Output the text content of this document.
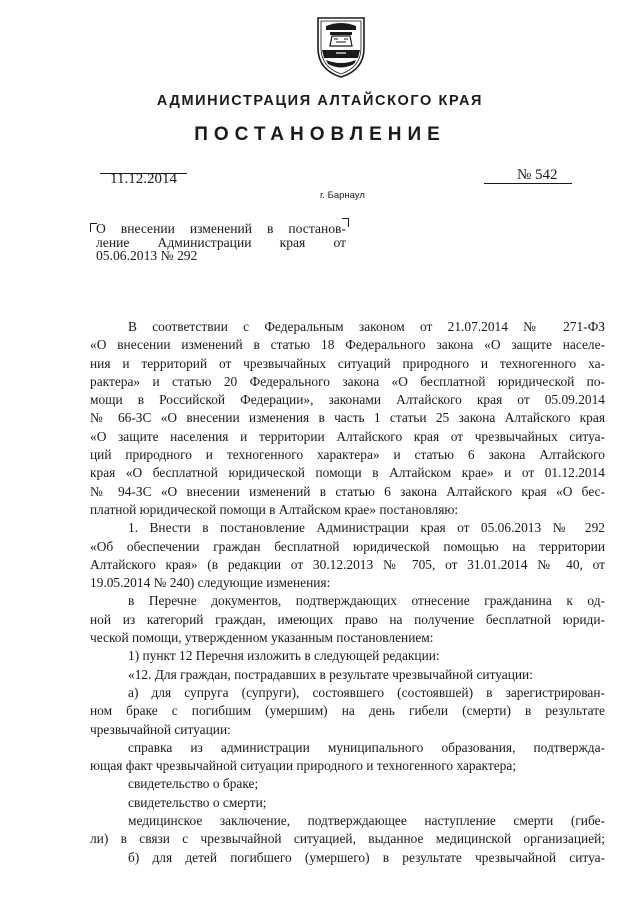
АДМИНИСТРАЦИЯ АЛТАЙСКОГО КРАЯ
ПОСТАНОВЛЕНИЕ
11.12.2014	№ 542
г. Барнаул
О внесении изменений в постанов-
ление Администрации края от
05.06.2013 № 292
В соответствии с Федеральным законом от 21.07.2014 № 271-ФЗ
«О внесении изменений в статью 18 Федерального закона «О защите населе-
ния и территорий от чрезвычайных ситуаций природного и техногенного ха-
рактера» и статью 20 Федерального закона «О бесплатной юридической по-
мощи в Российской Федерации», законами Алтайского края от 05.09.2014
№ 66-ЗС «О внесении изменения в часть 1 статьи 25 закона Алтайского края
«О защите населения и территории Алтайского края от чрезвычайных ситуа-
ций природного и техногенного характера» и статью 6 закона Алтайского
края «О бесплатной юридической помощи в Алтайском крае» и от 01.12.2014
№ 94-ЗС «О внесении изменений в статью 6 закона Алтайского края «О бес-
платной юридической помощи в Алтайском крае» постановляю:
1. Внести в постановление Администрации края от 05.06.2013 № 292
«Об обеспечении граждан бесплатной юридической помощью на территории
Алтайского края» (в редакции от 30.12.2013 № 705, от 31.01.2014 № 40, от
19.05.2014 № 240) следующие изменения:
в Перечне документов, подтверждающих отнесение гражданина к од-
ной из категорий граждан, имеющих право на получение бесплатной юриди-
ческой помощи, утвержденном указанным постановлением:
1) пункт 12 Перечня изложить в следующей редакции:
«12. Для граждан, пострадавших в результате чрезвычайной ситуации:
а) для супруга (супруги), состоявшего (состоявшей) в зарегистрирован-
ном браке с погибшим (умершим) на день гибели (смерти) в результате
чрезвычайной ситуации:
справка из администрации муниципального образования, подтвержда-
ющая факт чрезвычайной ситуации природного и техногенного характера;
свидетельство о браке;
свидетельство о смерти;
медицинское заключение, подтверждающее наступление смерти (гибе-
ли) в связи с чрезвычайной ситуацией, выданное медицинской организацией;
б) для детей погибшего (умершего) в результате чрезвычайной ситуа-
